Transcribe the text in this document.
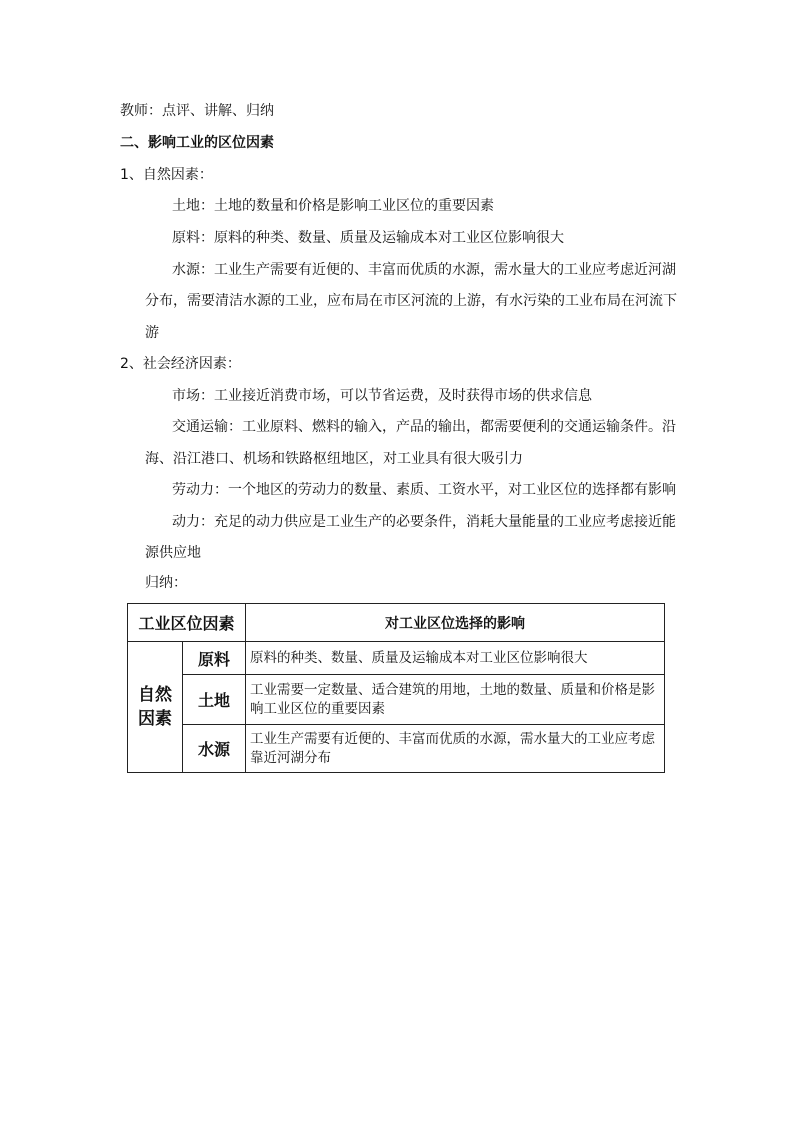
教师：点评、讲解、归纳
二、影响工业的区位因素
1、自然因素：
土地：土地的数量和价格是影响工业区位的重要因素
原料：原料的种类、数量、质量及运输成本对工业区位影响很大
水源：工业生产需要有近便的、丰富而优质的水源，需水量大的工业应考虑近河湖
分布，需要清洁水源的工业，应布局在市区河流的上游，有水污染的工业布局在河流下
游
2、社会经济因素：
市场：工业接近消费市场，可以节省运费，及时获得市场的供求信息
交通运输：工业原料、燃料的输入，产品的输出，都需要便利的交通运输条件。沿
海、沿江港口、机场和铁路枢纽地区，对工业具有很大吸引力
劳动力：一个地区的劳动力的数量、素质、工资水平，对工业区位的选择都有影响
动力：充足的动力供应是工业生产的必要条件，消耗大量能量的工业应考虑接近能
源供应地
归纳：
工业区位因素		对工业区位选择的影响

自然
因素	原料	原料的种类、数量、质量及运输成本对工业区位影响很大
	土地	工业需要一定数量、适合建筑的用地，土地的数量、质量和价格是影响工业区位的重要因素
	水源	工业生产需要有近便的、丰富而优质的水源，需水量大的工业应考虑靠近河湖分布
